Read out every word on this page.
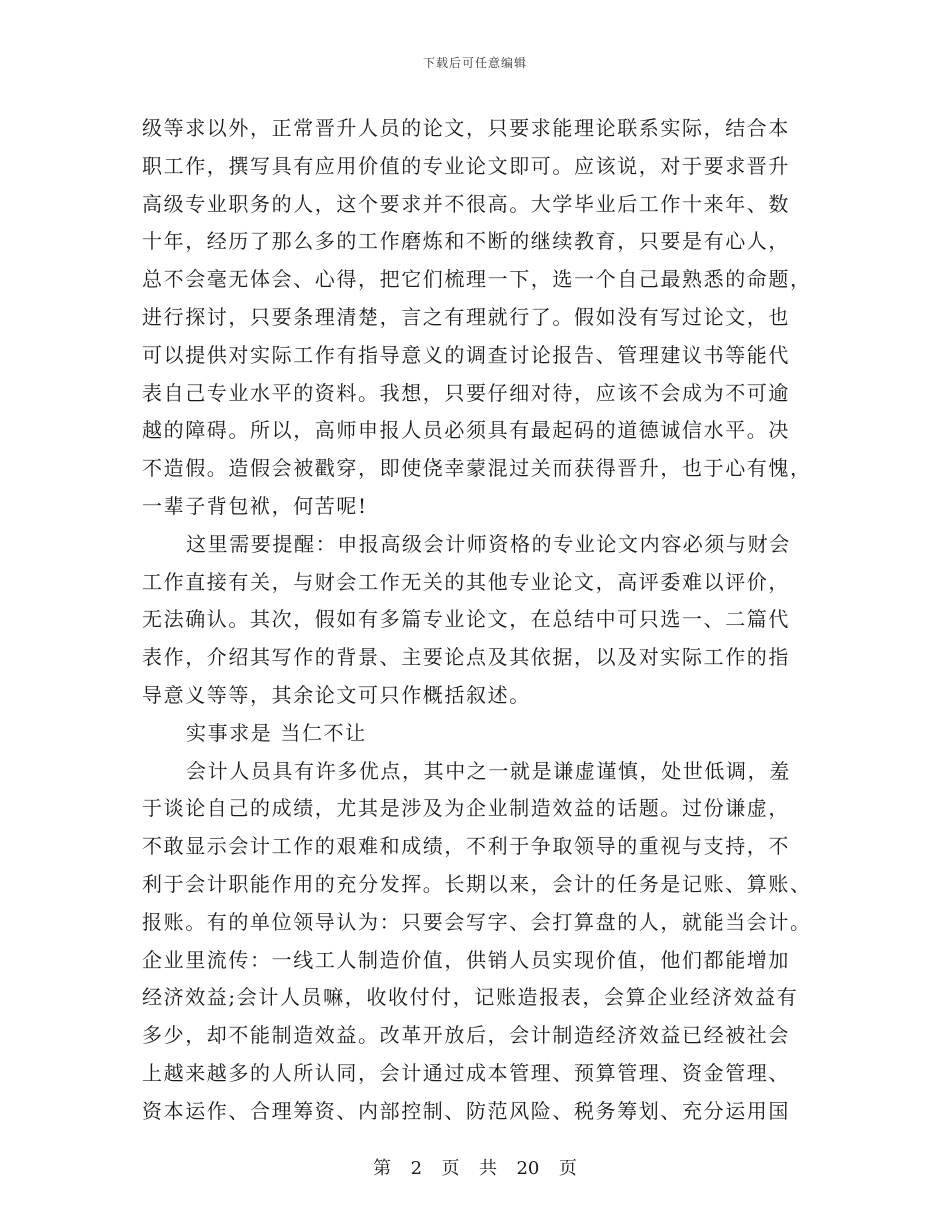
下载后可任意编辑
级等求以外，正常晋升人员的论文，只要求能理论联系实际，结合本
职工作，撰写具有应用价值的专业论文即可。应该说，对于要求晋升
高级专业职务的人，这个要求并不很高。大学毕业后工作十来年、数
十年，经历了那么多的工作磨炼和不断的继续教育，只要是有心人，
总不会毫无体会、心得，把它们梳理一下，选一个自己最熟悉的命题，
进行探讨，只要条理清楚，言之有理就行了。假如没有写过论文，也
可以提供对实际工作有指导意义的调查讨论报告、管理建议书等能代
表自己专业水平的资料。我想，只要仔细对待，应该不会成为不可逾
越的障碍。所以，高师申报人员必须具有最起码的道德诚信水平。决
不造假。造假会被戳穿，即使侥幸蒙混过关而获得晋升，也于心有愧，
一辈子背包袱，何苦呢!
这里需要提醒：申报高级会计师资格的专业论文内容必须与财会
工作直接有关，与财会工作无关的其他专业论文，高评委难以评价，
无法确认。其次，假如有多篇专业论文，在总结中可只选一、二篇代
表作，介绍其写作的背景、主要论点及其依据，以及对实际工作的指
导意义等等，其余论文可只作概括叙述。
实事求是 当仁不让
会计人员具有许多优点，其中之一就是谦虚谨慎，处世低调，羞
于谈论自己的成绩，尤其是涉及为企业制造效益的话题。过份谦虚，
不敢显示会计工作的艰难和成绩，不利于争取领导的重视与支持，不
利于会计职能作用的充分发挥。长期以来，会计的任务是记账、算账、
报账。有的单位领导认为：只要会写字、会打算盘的人，就能当会计。
企业里流传：一线工人制造价值，供销人员实现价值，他们都能增加
经济效益;会计人员嘛，收收付付，记账造报表，会算企业经济效益有
多少，却不能制造效益。改革开放后，会计制造经济效益已经被社会
上越来越多的人所认同，会计通过成本管理、预算管理、资金管理、
资本运作、合理筹资、内部控制、防范风险、税务筹划、充分运用国
第 2 页 共 20 页
